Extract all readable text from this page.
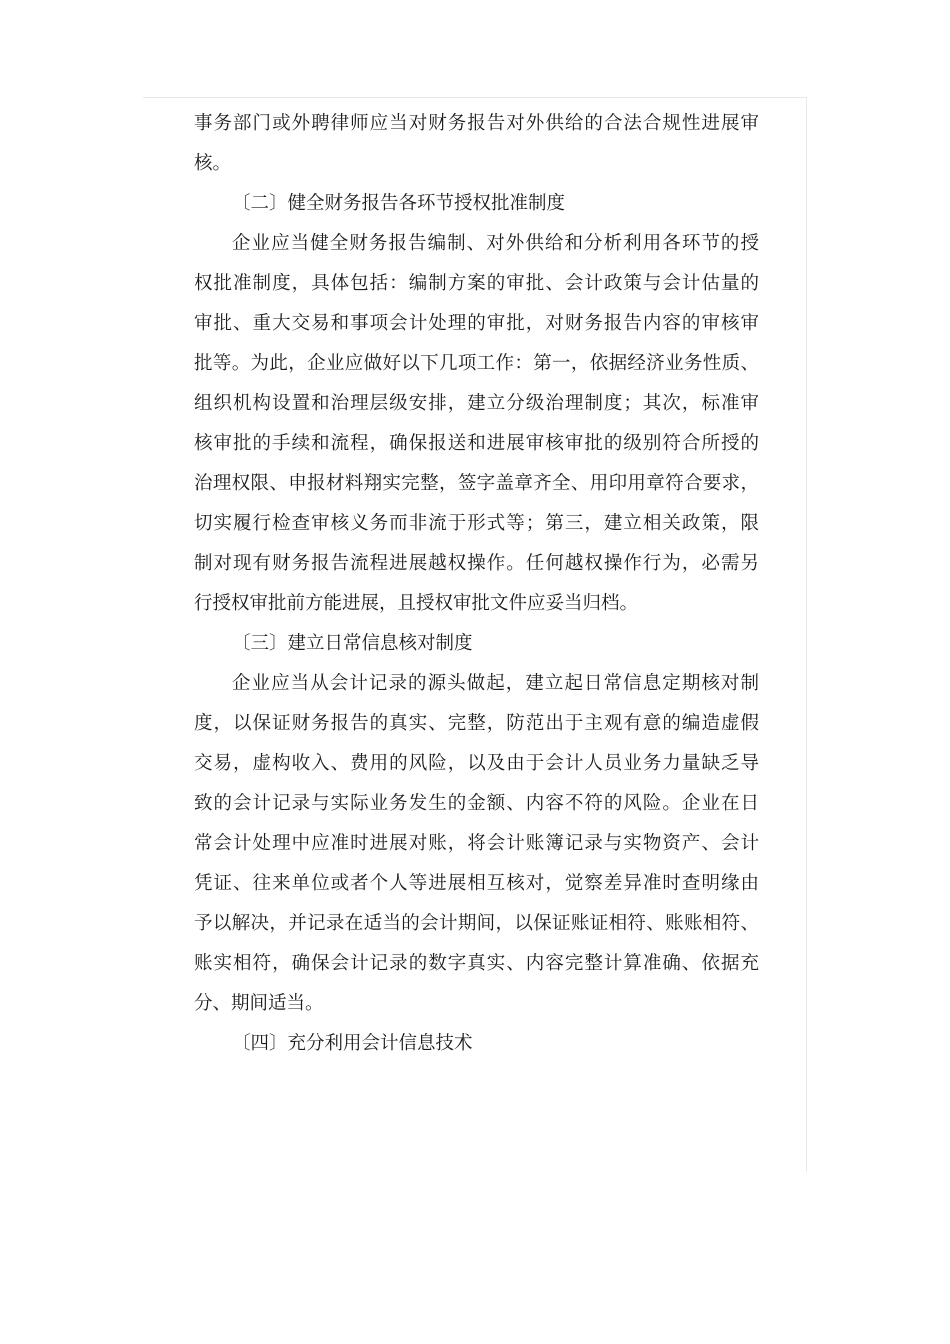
事务部门或外聘律师应当对财务报告对外供给的合法合规性进展审
核。
〔二〕健全财务报告各环节授权批准制度
企业应当健全财务报告编制、对外供给和分析利用各环节的授
权批准制度，具体包括：编制方案的审批、会计政策与会计估量的
审批、重大交易和事项会计处理的审批，对财务报告内容的审核审
批等。为此，企业应做好以下几项工作：第一，依据经济业务性质、
组织机构设置和治理层级安排，建立分级治理制度；其次，标准审
核审批的手续和流程，确保报送和进展审核审批的级别符合所授的
治理权限、申报材料翔实完整，签字盖章齐全、用印用章符合要求，
切实履行检查审核义务而非流于形式等；第三，建立相关政策，限
制对现有财务报告流程进展越权操作。任何越权操作行为，必需另
行授权审批前方能进展，且授权审批文件应妥当归档。
〔三〕建立日常信息核对制度
企业应当从会计记录的源头做起，建立起日常信息定期核对制
度，以保证财务报告的真实、完整，防范出于主观有意的编造虚假
交易，虚构收入、费用的风险，以及由于会计人员业务力量缺乏导
致的会计记录与实际业务发生的金额、内容不符的风险。企业在日
常会计处理中应准时进展对账，将会计账簿记录与实物资产、会计
凭证、往来单位或者个人等进展相互核对，觉察差异准时查明缘由
予以解决，并记录在适当的会计期间，以保证账证相符、账账相符、
账实相符，确保会计记录的数字真实、内容完整计算准确、依据充
分、期间适当。
〔四〕充分利用会计信息技术
